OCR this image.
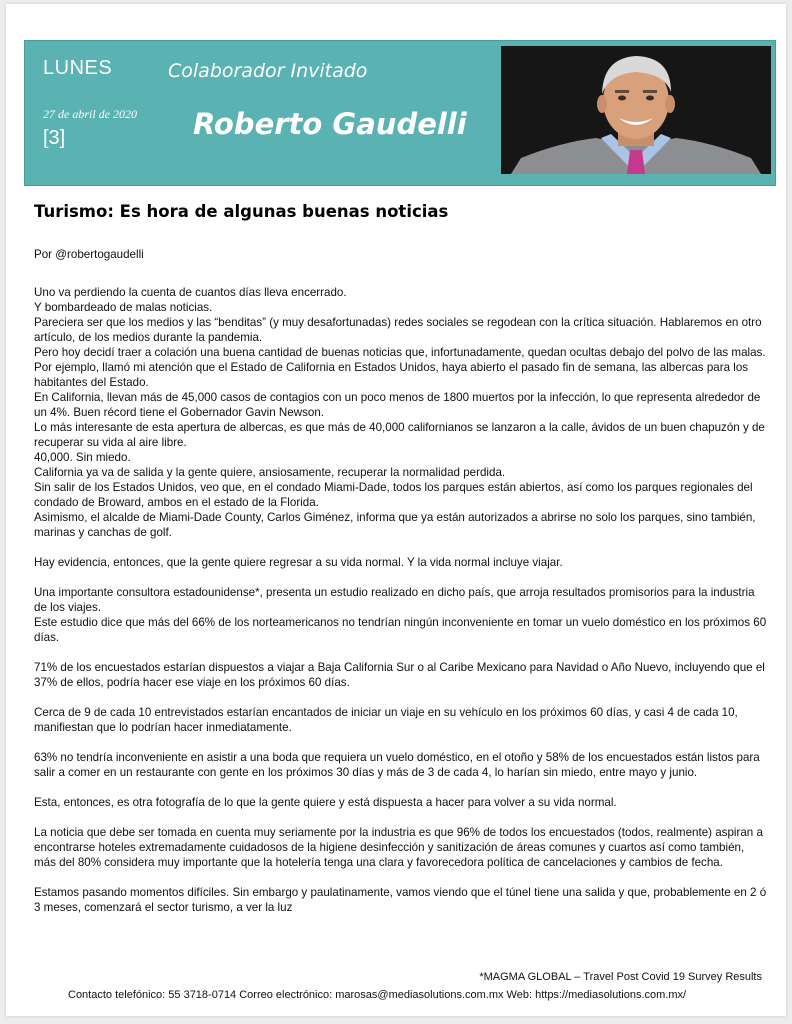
LUNES	Colaborador Invitado
27 de abril de 2020
[3]	Roberto Gaudelli
Turismo: Es hora de algunas buenas noticias
Por @robertogaudelli
Uno va perdiendo la cuenta de cuantos días lleva encerrado.
Y bombardeado de malas noticias.
Pareciera ser que los medios y las “benditas” (y muy desafortunadas) redes sociales se regodean con la crítica situación. Hablaremos en otro artículo, de los medios durante la pandemia.
Pero hoy decidí traer a colación una buena cantidad de buenas noticias que, infortunadamente, quedan ocultas debajo del polvo de las malas.
Por ejemplo, llamó mi atención que el Estado de California en Estados Unidos, haya abierto el pasado fin de semana, las albercas para los habitantes del Estado.
En California, llevan más de 45,000 casos de contagios con un poco menos de 1800 muertos por la infección, lo que representa alrededor de un 4%. Buen récord tiene el Gobernador Gavin Newson.
Lo más interesante de esta apertura de albercas, es que más de 40,000 californianos se lanzaron a la calle, ávidos de un buen chapuzón y de recuperar su vida al aire libre.
40,000. Sin miedo.
California ya va de salida y la gente quiere, ansiosamente, recuperar la normalidad perdida.
Sin salir de los Estados Unidos, veo que, en el condado Miami-Dade, todos los parques están abiertos, así como los parques regionales del condado de Broward, ambos en el estado de la Florida.
Asimismo, el alcalde de Miami-Dade County, Carlos Giménez, informa que ya están autorizados a abrirse no solo los parques, sino también, marinas y canchas de golf.
Hay evidencia, entonces, que la gente quiere regresar a su vida normal. Y la vida normal incluye viajar.
Una importante consultora estadounidense*, presenta un estudio realizado en dicho país, que arroja resultados promisorios para la industria de los viajes.
Este estudio dice que más del 66% de los norteamericanos no tendrían ningún inconveniente en tomar un vuelo doméstico en los próximos 60 días.
71% de los encuestados estarían dispuestos a viajar a Baja California Sur o al Caribe Mexicano para Navidad o Año Nuevo, incluyendo que el 37% de ellos, podría hacer ese viaje en los próximos 60 días.
Cerca de 9 de cada 10 entrevistados estarían encantados de iniciar un viaje en su vehículo en los próximos 60 días, y casi 4 de cada 10, manifiestan que lo podrían hacer inmediatamente.
63% no tendría inconveniente en asistir a una boda que requiera un vuelo doméstico, en el otoño y 58% de los encuestados están listos para salir a comer en un restaurante con gente en los próximos 30 días y más de 3 de cada 4, lo harían sin miedo, entre mayo y junio.
Esta, entonces, es otra fotografía de lo que la gente quiere y está dispuesta a hacer para volver a su vida normal.
La noticia que debe ser tomada en cuenta muy seriamente por la industria es que 96% de todos los encuestados (todos, realmente) aspiran a encontrarse hoteles extremadamente cuidadosos de la higiene desinfección y sanitización de áreas comunes y cuartos así como también, más del 80% considera muy importante que la hotelería tenga una clara y favorecedora política de cancelaciones y cambios de fecha.
Estamos pasando momentos difíciles. Sin embargo y paulatinamente, vamos viendo que el túnel tiene una salida y que, probablemente en 2 ó 3 meses, comenzará el sector turismo, a ver la luz
*MAGMA GLOBAL – Travel Post Covid 19 Survey Results
Contacto telefónico: 55 3718-0714 Correo electrónico: marosas@mediasolutions.com.mx Web: https://mediasolutions.com.mx/
